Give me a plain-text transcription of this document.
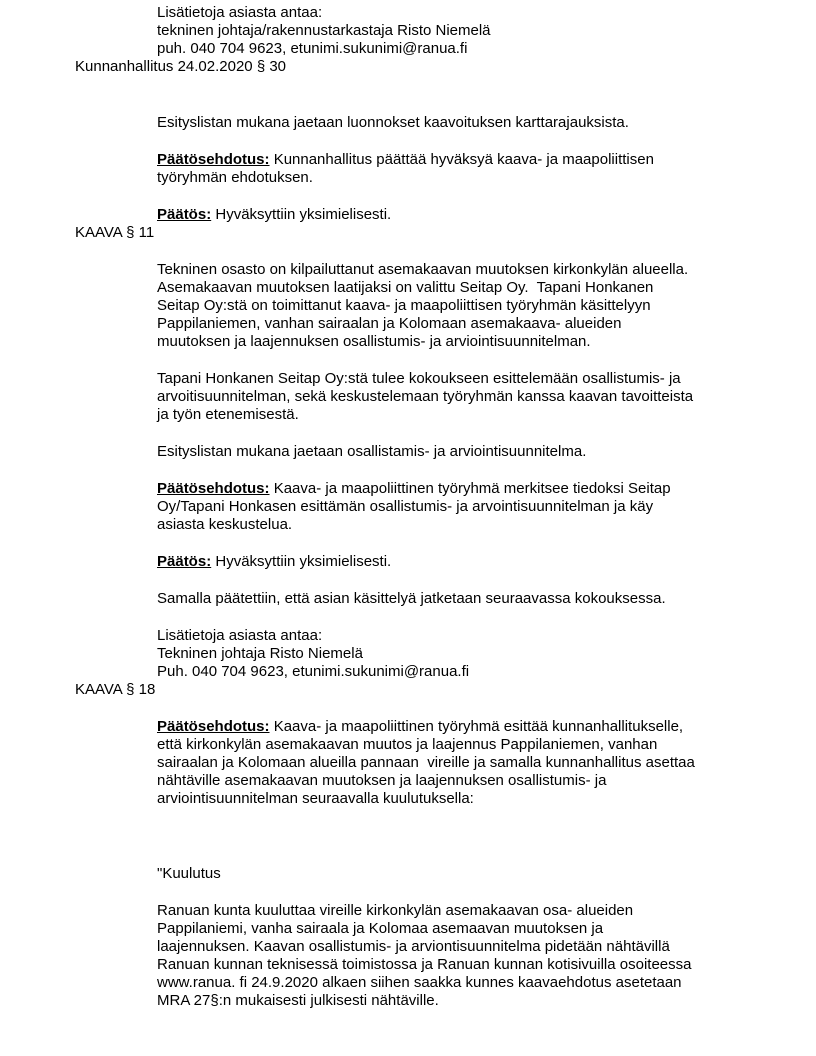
Lisätietoja asiasta antaa:
tekninen johtaja/rakennustarkastaja Risto Niemelä
puh. 040 704 9623, etunimi.sukunimi@ranua.fi
Kunnanhallitus 24.02.2020 § 30
Esityslistan mukana jaetaan luonnokset kaavoituksen karttarajauksista.
Päätösehdotus: Kunnanhallitus päättää hyväksyä kaava- ja maapoliittisen
työryhmän ehdotuksen.
Päätös: Hyväksyttiin yksimielisesti.
KAAVA § 11
Tekninen osasto on kilpailuttanut asemakaavan muutoksen kirkonkylän alueella.
Asemakaavan muutoksen laatijaksi on valittu Seitap Oy.  Tapani Honkanen
Seitap Oy:stä on toimittanut kaava- ja maapoliittisen työryhmän käsittelyyn
Pappilaniemen, vanhan sairaalan ja Kolomaan asemakaava- alueiden
muutoksen ja laajennuksen osallistumis- ja arviointisuunnitelman.
Tapani Honkanen Seitap Oy:stä tulee kokoukseen esittelemään osallistumis- ja
arvoitisuunnitelman, sekä keskustelemaan työryhmän kanssa kaavan tavoitteista
ja työn etenemisestä.
Esityslistan mukana jaetaan osallistamis- ja arviointisuunnitelma.
Päätösehdotus: Kaava- ja maapoliittinen työryhmä merkitsee tiedoksi Seitap
Oy/Tapani Honkasen esittämän osallistumis- ja arvointisuunnitelman ja käy
asiasta keskustelua.
Päätös: Hyväksyttiin yksimielisesti.
Samalla päätettiin, että asian käsittelyä jatketaan seuraavassa kokouksessa.
Lisätietoja asiasta antaa:
Tekninen johtaja Risto Niemelä
Puh. 040 704 9623, etunimi.sukunimi@ranua.fi
KAAVA § 18
Päätösehdotus: Kaava- ja maapoliittinen työryhmä esittää kunnanhallitukselle,
että kirkonkylän asemakaavan muutos ja laajennus Pappilaniemen, vanhan
sairaalan ja Kolomaan alueilla pannaan  vireille ja samalla kunnanhallitus asettaa
nähtäville asemakaavan muutoksen ja laajennuksen osallistumis- ja
arviointisuunnitelman seuraavalla kuulutuksella:
"Kuulutus
Ranuan kunta kuuluttaa vireille kirkonkylän asemakaavan osa- alueiden
Pappilaniemi, vanha sairaala ja Kolomaa asemaavan muutoksen ja
laajennuksen. Kaavan osallistumis- ja arviontisuunnitelma pidetään nähtävillä
Ranuan kunnan teknisessä toimistossa ja Ranuan kunnan kotisivuilla osoiteessa
www.ranua. fi 24.9.2020 alkaen siihen saakka kunnes kaavaehdotus asetetaan
MRA 27§:n mukaisesti julkisesti nähtäville.
